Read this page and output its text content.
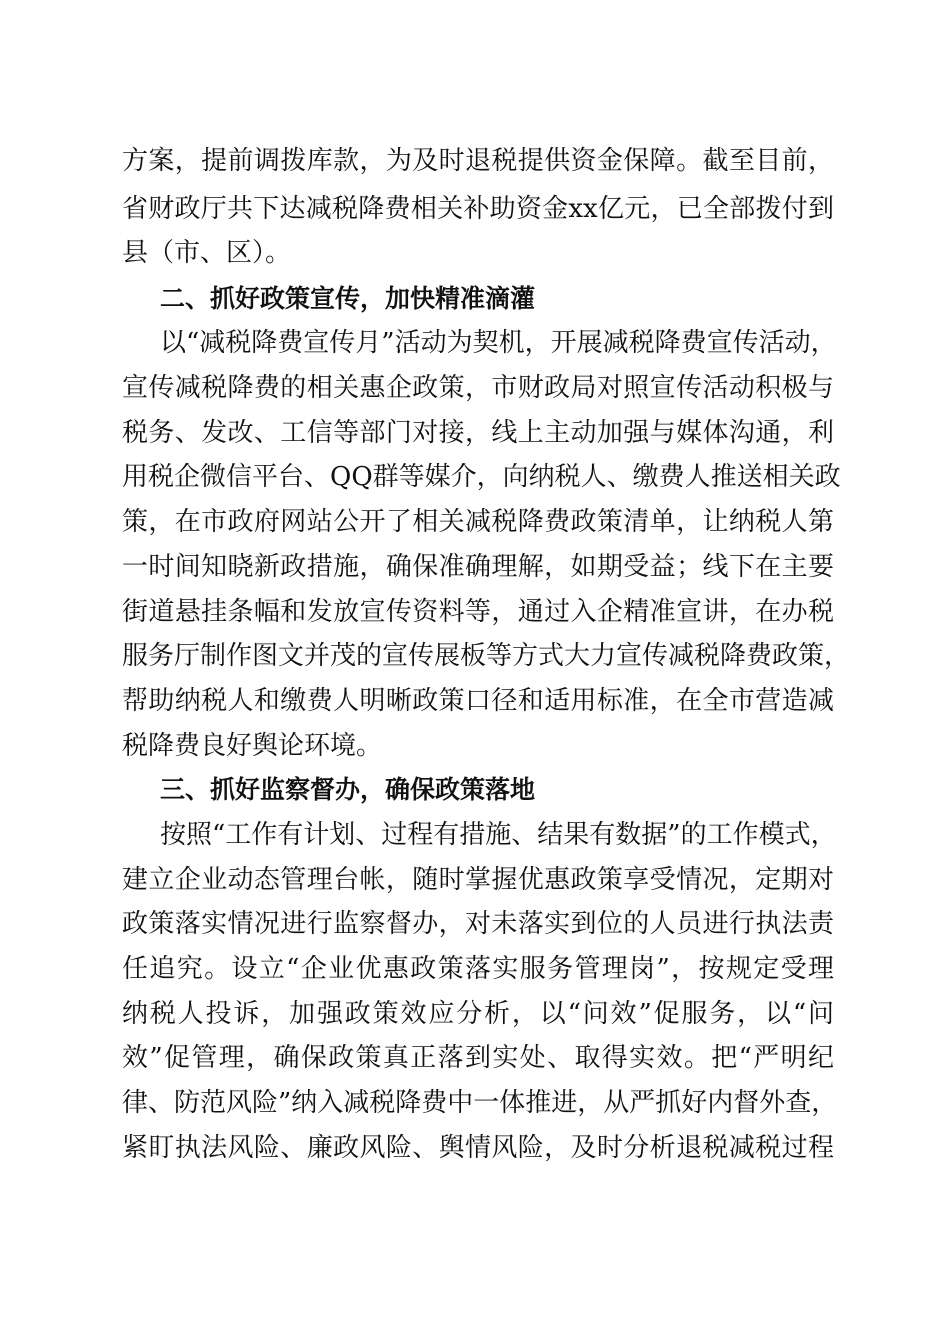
方案，提前调拨库款，为及时退税提供资金保障。截至目前，
省财政厅共下达减税降费相关补助资金xx亿元，已全部拨付到
县（市、区）。
二、抓好政策宣传，加快精准滴灌
以“减税降费宣传月”活动为契机，开展减税降费宣传活动，
宣传减税降费的相关惠企政策，市财政局对照宣传活动积极与
税务、发改、工信等部门对接，线上主动加强与媒体沟通，利
用税企微信平台、QQ群等媒介，向纳税人、缴费人推送相关政
策，在市政府网站公开了相关减税降费政策清单，让纳税人第
一时间知晓新政措施，确保准确理解，如期受益；线下在主要
街道悬挂条幅和发放宣传资料等，通过入企精准宣讲，在办税
服务厅制作图文并茂的宣传展板等方式大力宣传减税降费政策，
帮助纳税人和缴费人明晰政策口径和适用标准，在全市营造减
税降费良好舆论环境。
三、抓好监察督办，确保政策落地
按照“工作有计划、过程有措施、结果有数据”的工作模式，
建立企业动态管理台帐，随时掌握优惠政策享受情况，定期对
政策落实情况进行监察督办，对未落实到位的人员进行执法责
任追究。设立“企业优惠政策落实服务管理岗”，按规定受理
纳税人投诉，加强政策效应分析，以“问效”促服务，以“问
效”促管理，确保政策真正落到实处、取得实效。把“严明纪
律、防范风险”纳入减税降费中一体推进，从严抓好内督外查，
紧盯执法风险、廉政风险、舆情风险，及时分析退税减税过程
